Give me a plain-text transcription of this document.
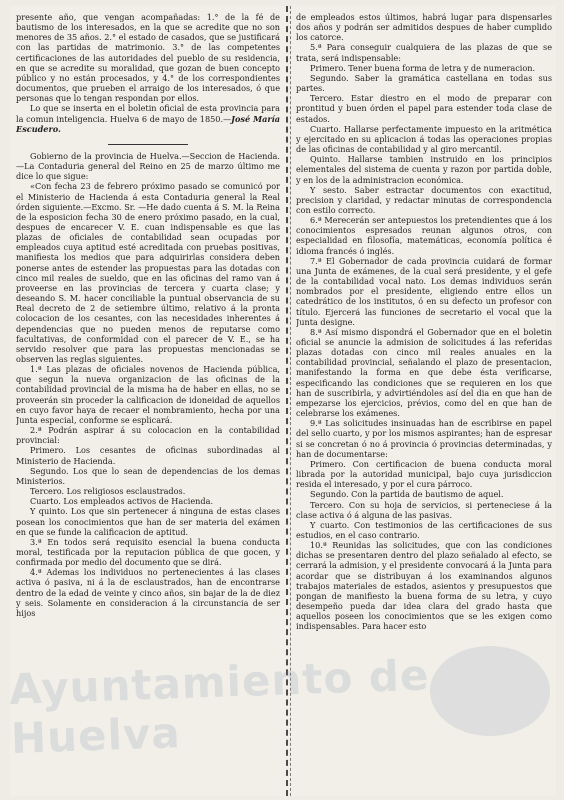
presente año, que vengan acompañadas: 1.° de la fé de bautismo de los interesados, en la que se acredite que no son menores de 35 años. 2.° el estado de casados, que se justificará con las partidas de matrimonio. 3.° de las competentes certificaciones de las autoridades del pueblo de su residencia, en que se acredite su moralidad, que gozan de buen concepto público y no están procesados, y 4.° de los correspondientes documentos, que prueben el arraigo de los interesados, ó que personas que lo tengan respondan por ellos.

Lo que se inserta en el boletin oficial de esta provincia para la comun inteligencia. Huelva 6 de mayo de 1850.—José María Escudero.

Gobierno de la provincia de Huelva.—Seccion de Hacienda.—La Contaduria general del Reino en 25 de marzo último me dice lo que sigue:

«Con fecha 23 de febrero próximo pasado se comunicó por el Ministerio de Hacienda á esta Contaduria general la Real órden siguiente.—Excmo. Sr. —He dado cuenta á S. M. la Reina de la esposicion fecha 30 de enero próximo pasado, en la cual, despues de encarecer V. E. cuan indispensable es que las plazas de oficiales de contabilidad sean ocupadas por empleados cuya aptitud esté acreditada con pruebas positivas, manifiesta los medios que para adquirirlas considera deben ponerse antes de estender las propuestas para las dotadas con cinco mil reales de sueldo, que en las oficinas del ramo van á proveerse en las provincias de tercera y cuarta clase; y deseando S. M. hacer conciliable la puntual observancia de su Real decreto de 2 de setiembre último, relativo á la pronta colocacion de los cesantes, con las necesidades inherentes á dependencias que no pueden menos de reputarse como facultativas, de conformidad con el parecer de V. E., se ha servido resolver que para las propuestas mencionadas se observen las reglas siguientes.

1.ª Las plazas de oficiales novenos de Hacienda pública, que segun la nueva organizacion de las oficinas de la contabilidad provincial de la misma ha de haber en ellas, no se proveerán sin proceder la calificacion de idoneidad de aquellos en cuyo favor haya de recaer el nombramiento, hecha por una Junta especial, conforme se esplicará.

2.ª Podrán aspirar á su colocacion en la contabilidad provincial:

Primero. Los cesantes de oficinas subordinadas al Ministerio de Hacienda.

Segundo. Los que lo sean de dependencias de los demas Ministerios.

Tercero. Los religiosos esclaustrados.

Cuarto. Los empleados activos de Hacienda.

Y quinto. Los que sin pertenecer á ninguna de estas clases posean los conocimientos que han de ser materia del exámen en que se funde la calificacion de aptitud.

3.ª En todos será requisito esencial la buena conducta moral, testificada por la reputacion pública de que gocen, y confirmada por medio del documento que se dirá.

4.ª Ademas los individuos no pertenecientes á las clases activa ó pasiva, ni á la de esclaustrados, han de encontrarse dentro de la edad de veinte y cinco años, sin bajar de la de diez y seis. Solamente en consideracion á la circunstancia de ser hijos

de empleados estos últimos, habrá lugar para dispensarles dos años y podrán ser admitidos despues de haber cumplido los catorce.

5.ª Para conseguir cualquiera de las plazas de que se trata, será indispensable:

Primero. Tener buena forma de letra y de numeracion.

Segundo. Saber la gramática castellana en todas sus partes.

Tercero. Estar diestro en el modo de preparar con prontitud y buen órden el papel para estender toda clase de estados.

Cuarto. Hallarse perfectamente impuesto en la aritmética y ejercitado en su aplicacion á todas las operaciones propias de las oficinas de contabilidad y al giro mercantil.

Quinto. Hallarse tambien instruido en los principios elementales del sistema de cuenta y razon por partida doble, y en los de la administracion económica.

Y sesto. Saber estractar documentos con exactitud, precision y claridad, y redactar minutas de correspondencia con estilo correcto.

6.ª Merecerán ser antepuestos los pretendientes que á los conocimientos espresados reunan algunos otros, con especialidad en filosofía, matemáticas, economía política é idioma francés ó inglés.

7.ª El Gobernador de cada provincia cuidará de formar una Junta de exámenes, de la cual será presidente, y el gefe de la contabilidad vocal nato. Los demas individuos serán nombrados por el presidente, eligiendo entre ellos un catedrático de los institutos, ó en su defecto un profesor con título. Ejercerá las funciones de secretario el vocal que la Junta designe.

8.ª Así mismo dispondrá el Gobernador que en el boletin oficial se anuncie la admision de solicitudes á las referidas plazas dotadas con cinco mil reales anuales en la contabilidad provincial, señalando el plazo de presentacion, manifestando la forma en que debe ésta verificarse, especificando las condiciones que se requieren en los que han de suscribirla, y advirtiéndoles así del dia en que han de empezarse los ejercicios, prévios, como del en que han de celebrarse los exámenes.

9.ª Las solicitudes insinuadas han de escribirse en papel del sello cuarto, y por los mismos aspirantes; han de espresar si se concretan ó no á provincia ó provincias determinadas, y han de documentarse:

Primero. Con certificacion de buena conducta moral librada por la autoridad municipal, bajo cuya jurisdiccion resida el interesado, y por el cura párroco.

Segundo. Con la partida de bautismo de aquel.

Tercero. Con su hoja de servicios, si perteneciese á la clase activa ó á alguna de las pasivas.

Y cuarto. Con testimonios de las certificaciones de sus estudios, en el caso contrario.

10.ª Reunidas las solicitudes, que con las condiciones dichas se presentaren dentro del plazo señalado al efecto, se cerrará la admision, y el presidente convocará á la Junta para acordar que se distribuyan á los examinandos algunos trabajos materiales de estados, asientos y presupuestos que pongan de manifiesto la buena forma de su letra, y cuyo desempeño pueda dar idea clara del grado hasta que aquellos poseen los conocimientos que se les exigen como indispensables. Para hacer esto

Ayuntamiento de Huelva
